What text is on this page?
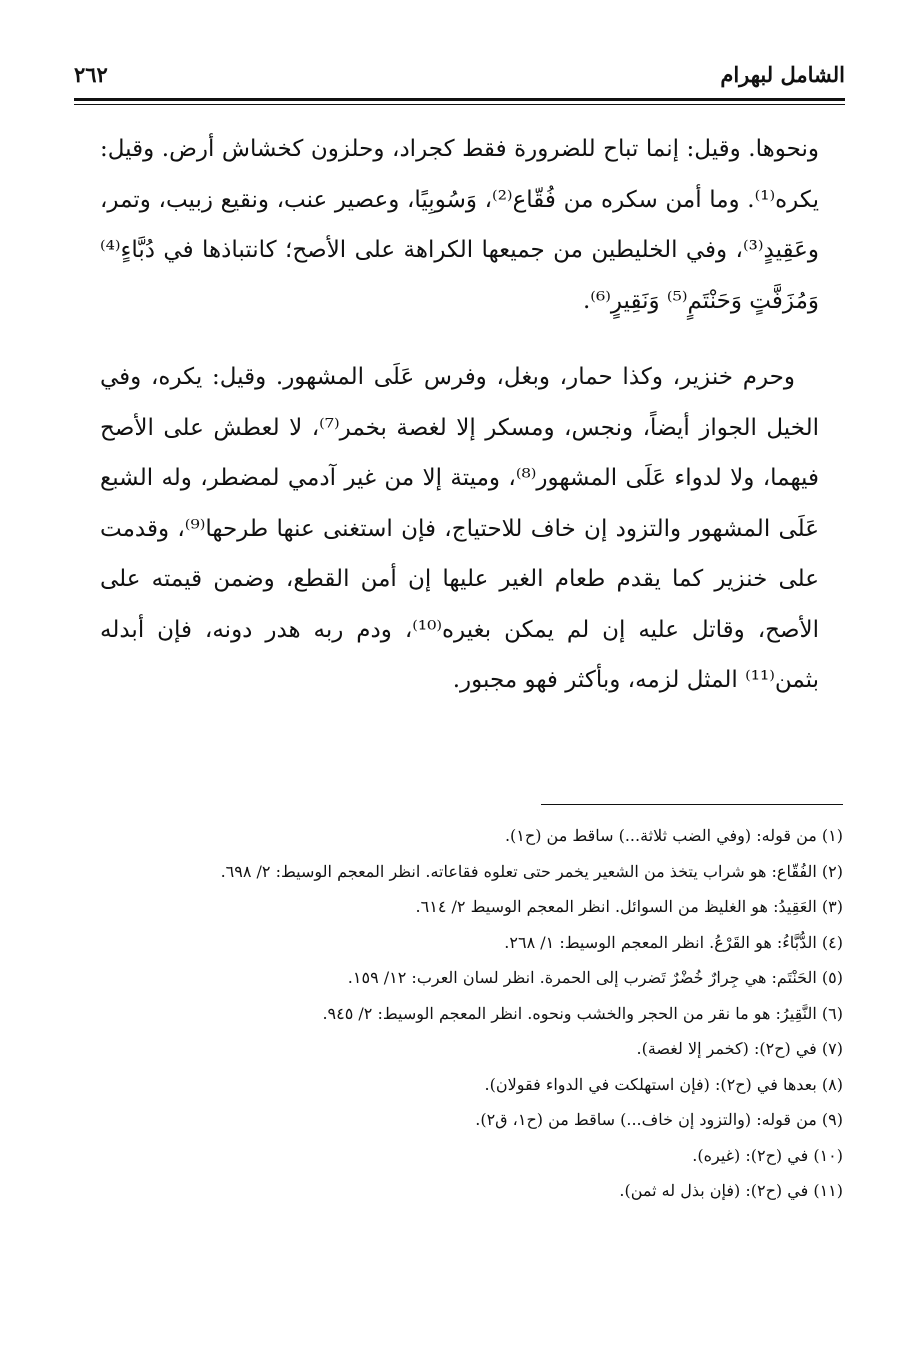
الشامل لبهرام
٢٦٢

ونحوها. وقيل: إنما تباح للضرورة فقط كجراد، وحلزون كخشاش أرض. وقيل: يكره⁽¹⁾. وما أمن سكره من فُقّاع⁽²⁾، وَسُوبِيًا، وعصير عنب، ونقيع زبيب، وتمر، وعَقِيدٍ⁽³⁾، وفي الخليطين من جميعها الكراهة على الأصح؛ كانتباذها في دُبَّاءٍ⁽⁴⁾ وَمُزَفَّتٍ وَحَنْتَمٍ⁽⁵⁾ وَنَقِيرٍ⁽⁶⁾.

وحرم خنزير، وكذا حمار، وبغل، وفرس عَلَى المشهور. وقيل: يكره، وفي الخيل الجواز أيضاً، ونجس، ومسكر إلا لغصة بخمر⁽⁷⁾، لا لعطش على الأصح فيهما، ولا لدواء عَلَى المشهور⁽⁸⁾، وميتة إلا من غير آدمي لمضطر، وله الشبع عَلَى المشهور والتزود إن خاف للاحتياج، فإن استغنى عنها طرحها⁽⁹⁾، وقدمت على خنزير كما يقدم طعام الغير عليها إن أمن القطع، وضمن قيمته على الأصح، وقاتل عليه إن لم يمكن بغيره⁽¹⁰⁾، ودم ربه هدر دونه، فإن أبدله بثمن⁽¹¹⁾ المثل لزمه، وبأكثر فهو مجبور.

(١) من قوله: (وفي الضب ثلاثة...) ساقط من (ح١).
(٢) الفُقّاع: هو شراب يتخذ من الشعير يخمر حتى تعلوه فقاعاته. انظر المعجم الوسيط: ٢/ ٦٩٨.
(٣) العَقِيدُ: هو الغليظ من السوائل. انظر المعجم الوسيط ٢/ ٦١٤.
(٤) الدُّبَّاءُ: هو القَرْعُ. انظر المعجم الوسيط: ١/ ٢٦٨.
(٥) الحَنْتَم: هي جِرارٌ خُضْرٌ تَضرب إلى الحمرة. انظر لسان العرب: ١٢/ ١٥٩.
(٦) النَّقِيرُ: هو ما نقر من الحجر والخشب ونحوه. انظر المعجم الوسيط: ٢/ ٩٤٥.
(٧) في (ح٢): (كخمر إلا لغصة).
(٨) بعدها في (ح٢): (فإن استهلكت في الدواء فقولان).
(٩) من قوله: (والتزود إن خاف...) ساقط من (ح١، ق٢).
(١٠) في (ح٢): (غيره).
(١١) في (ح٢): (فإن بذل له ثمن).
